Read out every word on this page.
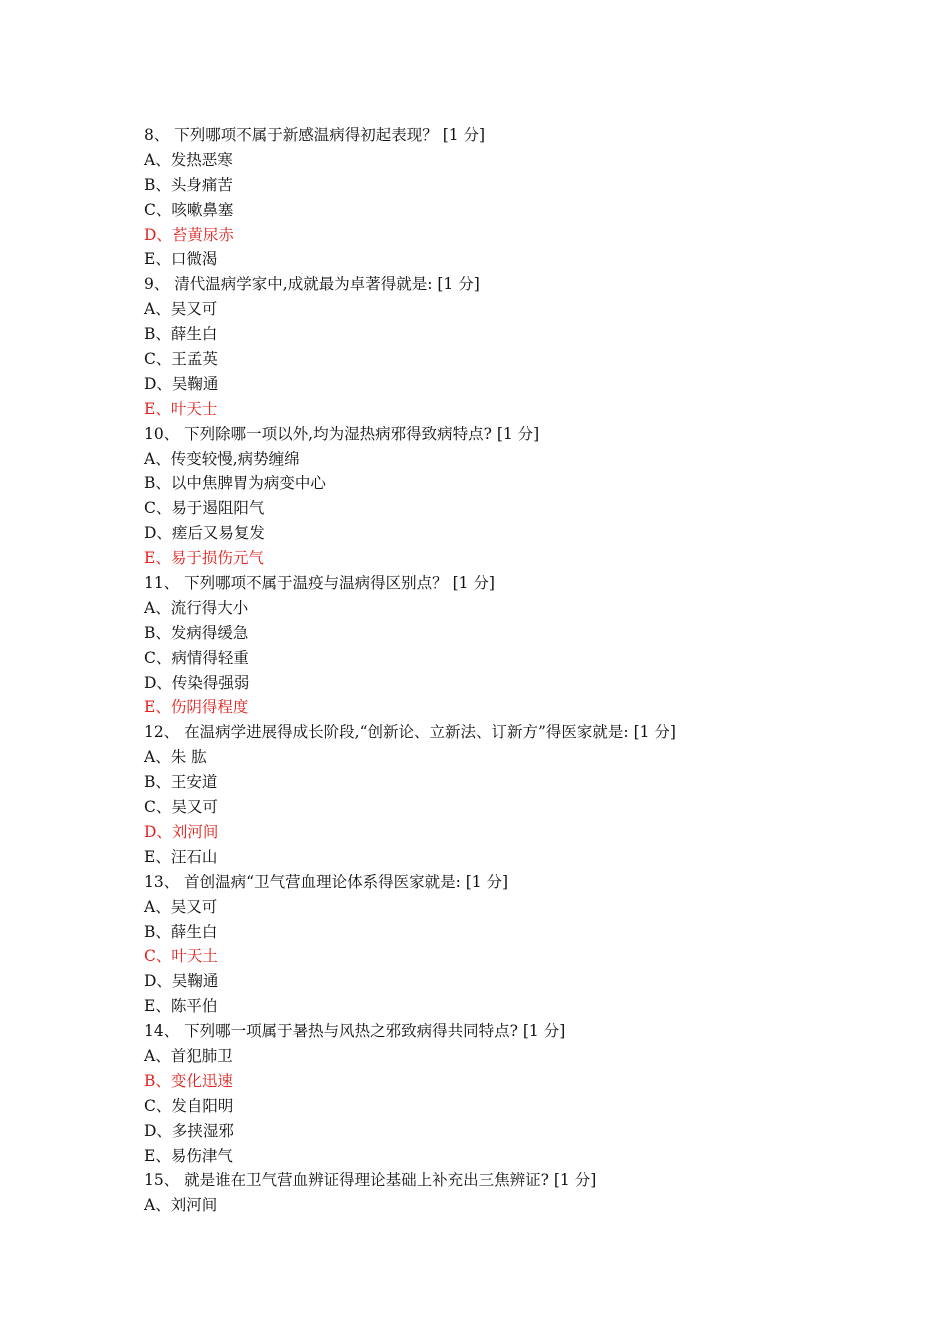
8、 下列哪项不属于新感温病得初起表现？ [1 分]
A、发热恶寒
B、头身痛苦
C、咳嗽鼻塞
D、苔黄尿赤
E、口微渴
9、 清代温病学家中,成就最为卓著得就是: [1 分]
A、吴又可
B、薛生白
C、王孟英
D、吴鞠通
E、叶天士
10、 下列除哪一项以外,均为湿热病邪得致病特点? [1 分]
A、传变较慢,病势缠绵
B、以中焦脾胃为病变中心
C、易于遏阻阳气
D、瘥后又易复发
E、易于损伤元气
11、 下列哪项不属于温疫与温病得区别点？ [1 分]
A、流行得大小
B、发病得缓急
C、病情得轻重
D、传染得强弱
E、伤阴得程度
12、 在温病学进展得成长阶段,“创新论、立新法、订新方”得医家就是: [1 分]
A、朱 肱
B、王安道
C、吴又可
D、刘河间
E、汪石山
13、 首创温病“卫气营血理论体系得医家就是: [1 分]
A、吴又可
B、薛生白
C、叶天土
D、吴鞠通
E、陈平伯
14、 下列哪一项属于暑热与风热之邪致病得共同特点? [1 分]
A、首犯肺卫
B、变化迅速
C、发自阳明
D、多挟湿邪
E、易伤津气
15、 就是谁在卫气营血辨证得理论基础上补充出三焦辨证? [1 分]
A、刘河间
